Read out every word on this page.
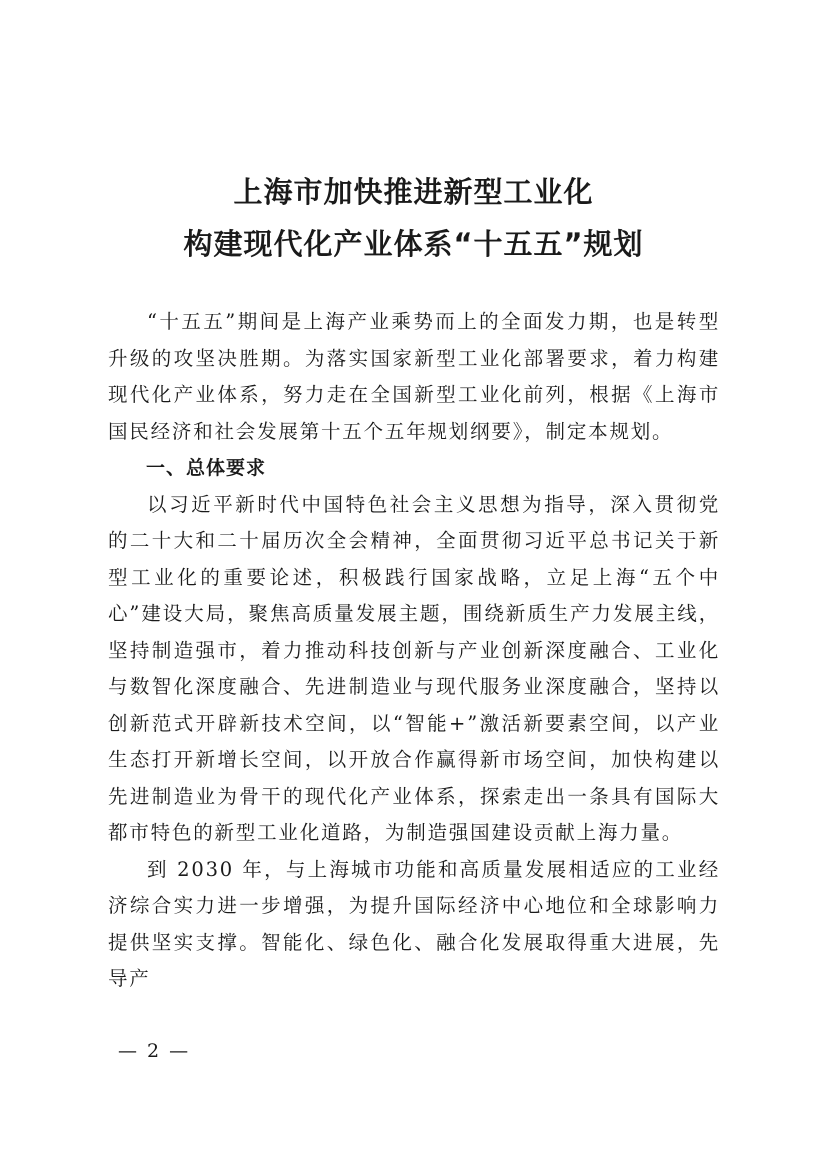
上海市加快推进新型工业化
构建现代化产业体系“十五五”规划

“十五五”期间是上海产业乘势而上的全面发力期，也是转型升级的攻坚决胜期。为落实国家新型工业化部署要求，着力构建现代化产业体系，努力走在全国新型工业化前列，根据《上海市国民经济和社会发展第十五个五年规划纲要》，制定本规划。

一、总体要求

以习近平新时代中国特色社会主义思想为指导，深入贯彻党的二十大和二十届历次全会精神，全面贯彻习近平总书记关于新型工业化的重要论述，积极践行国家战略，立足上海“五个中心”建设大局，聚焦高质量发展主题，围绕新质生产力发展主线，坚持制造强市，着力推动科技创新与产业创新深度融合、工业化与数智化深度融合、先进制造业与现代服务业深度融合，坚持以创新范式开辟新技术空间，以“智能+”激活新要素空间，以产业生态打开新增长空间，以开放合作赢得新市场空间，加快构建以先进制造业为骨干的现代化产业体系，探索走出一条具有国际大都市特色的新型工业化道路，为制造强国建设贡献上海力量。

到 2030 年，与上海城市功能和高质量发展相适应的工业经济综合实力进一步增强，为提升国际经济中心地位和全球影响力提供坚实支撑。智能化、绿色化、融合化发展取得重大进展，先导产

— 2 —
